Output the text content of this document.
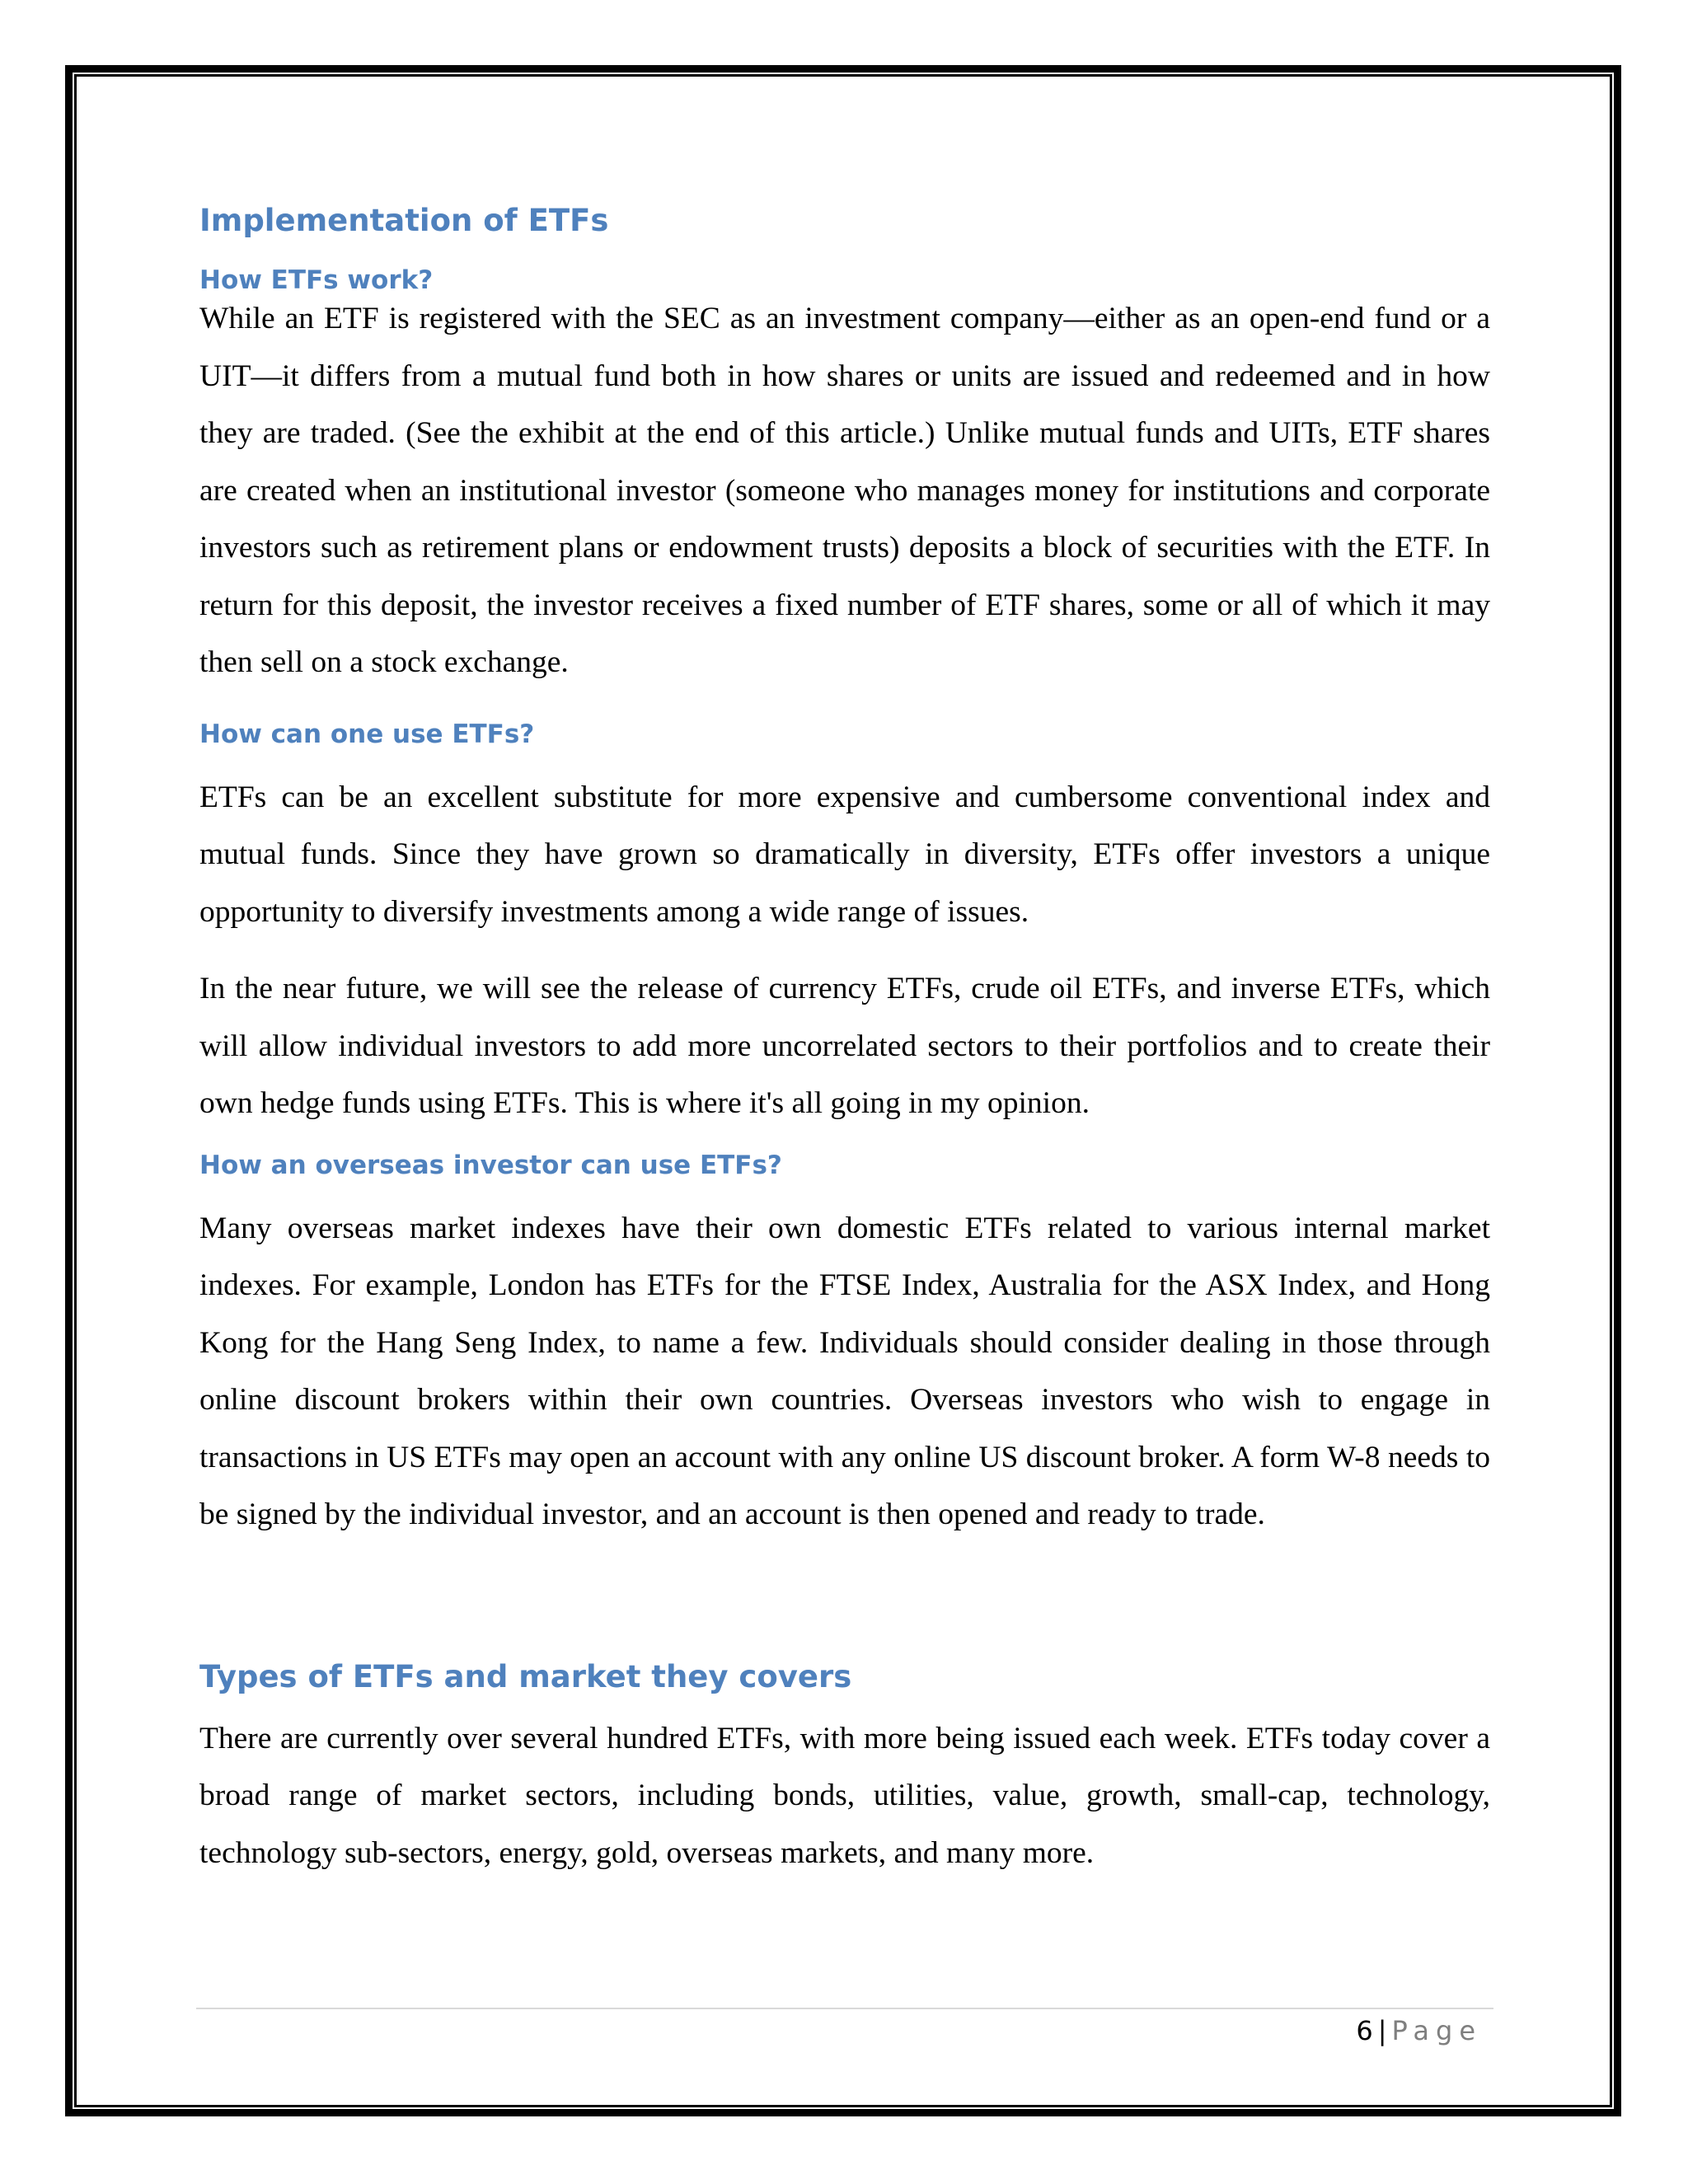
Implementation of ETFs
How ETFs work?

While an ETF is registered with the SEC as an investment company—either as an open-end fund or a UIT—it differs from a mutual fund both in how shares or units are issued and redeemed and in how they are traded. (See the exhibit at the end of this article.) Unlike mutual funds and UITs, ETF shares are created when an institutional investor (someone who manages money for institutions and corporate investors such as retirement plans or endowment trusts) deposits a block of securities with the ETF. In return for this deposit, the investor receives a fixed number of ETF shares, some or all of which it may then sell on a stock exchange.

How can one use ETFs?

ETFs can be an excellent substitute for more expensive and cumbersome conventional index and mutual funds. Since they have grown so dramatically in diversity, ETFs offer investors a unique opportunity to diversify investments among a wide range of issues.

In the near future, we will see the release of currency ETFs, crude oil ETFs, and inverse ETFs, which will allow individual investors to add more uncorrelated sectors to their portfolios and to create their own hedge funds using ETFs. This is where it's all going in my opinion.

How an overseas investor can use ETFs?

Many overseas market indexes have their own domestic ETFs related to various internal market indexes. For example, London has ETFs for the FTSE Index, Australia for the ASX Index, and Hong Kong for the Hang Seng Index, to name a few. Individuals should consider dealing in those through online discount brokers within their own countries. Overseas investors who wish to engage in transactions in US ETFs may open an account with any online US discount broker. A form W-8 needs to be signed by the individual investor, and an account is then opened and ready to trade.

Types of ETFs and market they covers

There are currently over several hundred ETFs, with more being issued each week. ETFs today cover a broad range of market sectors, including bonds, utilities, value, growth, small-cap, technology, technology sub-sectors, energy, gold, overseas markets, and many more.

6 | Page
